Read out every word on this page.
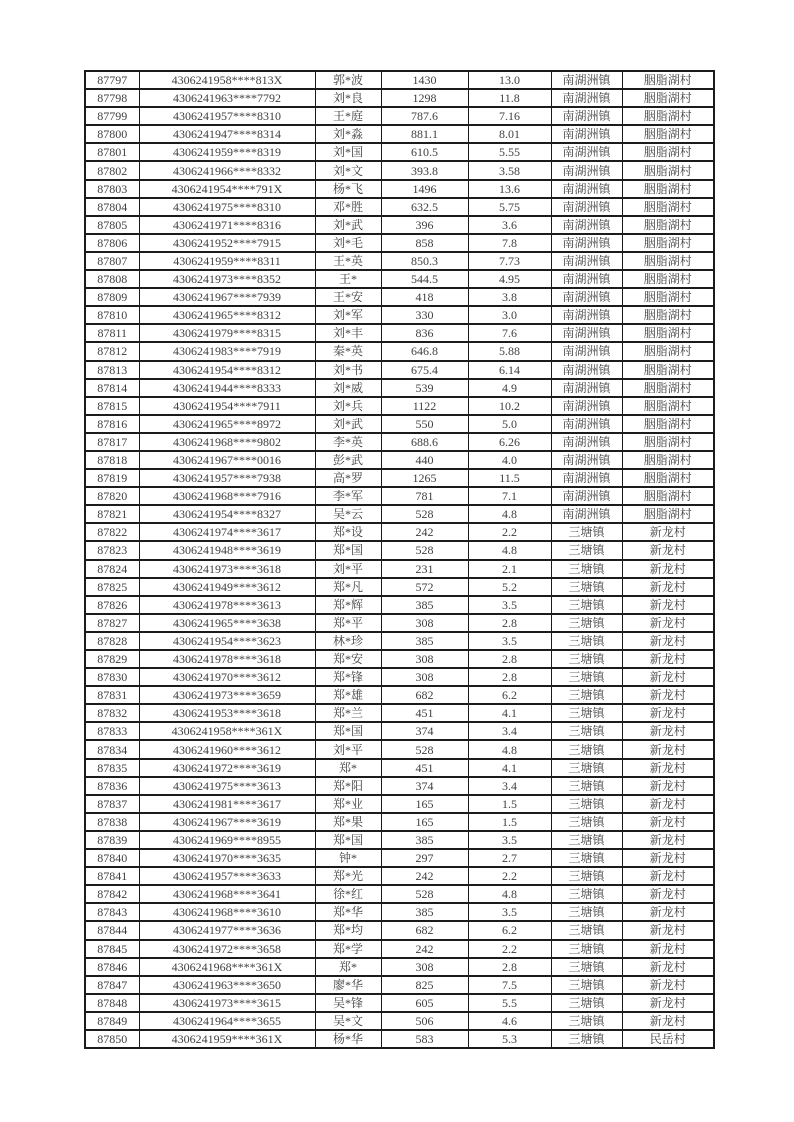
87797	4306241958****813X	郭*波	1430	13.0	南湖洲镇	胭脂湖村
87798	4306241963****7792	刘*良	1298	11.8	南湖洲镇	胭脂湖村
87799	4306241957****8310	王*庭	787.6	7.16	南湖洲镇	胭脂湖村
87800	4306241947****8314	刘*淼	881.1	8.01	南湖洲镇	胭脂湖村
87801	4306241959****8319	刘*国	610.5	5.55	南湖洲镇	胭脂湖村
87802	4306241966****8332	刘*文	393.8	3.58	南湖洲镇	胭脂湖村
87803	4306241954****791X	杨*飞	1496	13.6	南湖洲镇	胭脂湖村
87804	4306241975****8310	邓*胜	632.5	5.75	南湖洲镇	胭脂湖村
87805	4306241971****8316	刘*武	396	3.6	南湖洲镇	胭脂湖村
87806	4306241952****7915	刘*毛	858	7.8	南湖洲镇	胭脂湖村
87807	4306241959****8311	王*英	850.3	7.73	南湖洲镇	胭脂湖村
87808	4306241973****8352	王*	544.5	4.95	南湖洲镇	胭脂湖村
87809	4306241967****7939	王*安	418	3.8	南湖洲镇	胭脂湖村
87810	4306241965****8312	刘*军	330	3.0	南湖洲镇	胭脂湖村
87811	4306241979****8315	刘*丰	836	7.6	南湖洲镇	胭脂湖村
87812	4306241983****7919	秦*英	646.8	5.88	南湖洲镇	胭脂湖村
87813	4306241954****8312	刘*书	675.4	6.14	南湖洲镇	胭脂湖村
87814	4306241944****8333	刘*威	539	4.9	南湖洲镇	胭脂湖村
87815	4306241954****7911	刘*兵	1122	10.2	南湖洲镇	胭脂湖村
87816	4306241965****8972	刘*武	550	5.0	南湖洲镇	胭脂湖村
87817	4306241968****9802	李*英	688.6	6.26	南湖洲镇	胭脂湖村
87818	4306241967****0016	彭*武	440	4.0	南湖洲镇	胭脂湖村
87819	4306241957****7938	高*罗	1265	11.5	南湖洲镇	胭脂湖村
87820	4306241968****7916	李*军	781	7.1	南湖洲镇	胭脂湖村
87821	4306241954****8327	吴*云	528	4.8	南湖洲镇	胭脂湖村
87822	4306241974****3617	郑*设	242	2.2	三塘镇	新龙村
87823	4306241948****3619	郑*国	528	4.8	三塘镇	新龙村
87824	4306241973****3618	刘*平	231	2.1	三塘镇	新龙村
87825	4306241949****3612	郑*凡	572	5.2	三塘镇	新龙村
87826	4306241978****3613	郑*辉	385	3.5	三塘镇	新龙村
87827	4306241965****3638	郑*平	308	2.8	三塘镇	新龙村
87828	4306241954****3623	林*珍	385	3.5	三塘镇	新龙村
87829	4306241978****3618	郑*安	308	2.8	三塘镇	新龙村
87830	4306241970****3612	郑*锋	308	2.8	三塘镇	新龙村
87831	4306241973****3659	郑*雄	682	6.2	三塘镇	新龙村
87832	4306241953****3618	郑*兰	451	4.1	三塘镇	新龙村
87833	4306241958****361X	郑*国	374	3.4	三塘镇	新龙村
87834	4306241960****3612	刘*平	528	4.8	三塘镇	新龙村
87835	4306241972****3619	郑*	451	4.1	三塘镇	新龙村
87836	4306241975****3613	郑*阳	374	3.4	三塘镇	新龙村
87837	4306241981****3617	郑*业	165	1.5	三塘镇	新龙村
87838	4306241967****3619	郑*果	165	1.5	三塘镇	新龙村
87839	4306241969****8955	郑*国	385	3.5	三塘镇	新龙村
87840	4306241970****3635	钟*	297	2.7	三塘镇	新龙村
87841	4306241957****3633	郑*光	242	2.2	三塘镇	新龙村
87842	4306241968****3641	徐*红	528	4.8	三塘镇	新龙村
87843	4306241968****3610	郑*华	385	3.5	三塘镇	新龙村
87844	4306241977****3636	郑*均	682	6.2	三塘镇	新龙村
87845	4306241972****3658	郑*学	242	2.2	三塘镇	新龙村
87846	4306241968****361X	郑*	308	2.8	三塘镇	新龙村
87847	4306241963****3650	廖*华	825	7.5	三塘镇	新龙村
87848	4306241973****3615	吴*锋	605	5.5	三塘镇	新龙村
87849	4306241964****3655	吴*文	506	4.6	三塘镇	新龙村
87850	4306241959****361X	杨*华	583	5.3	三塘镇	民岳村
